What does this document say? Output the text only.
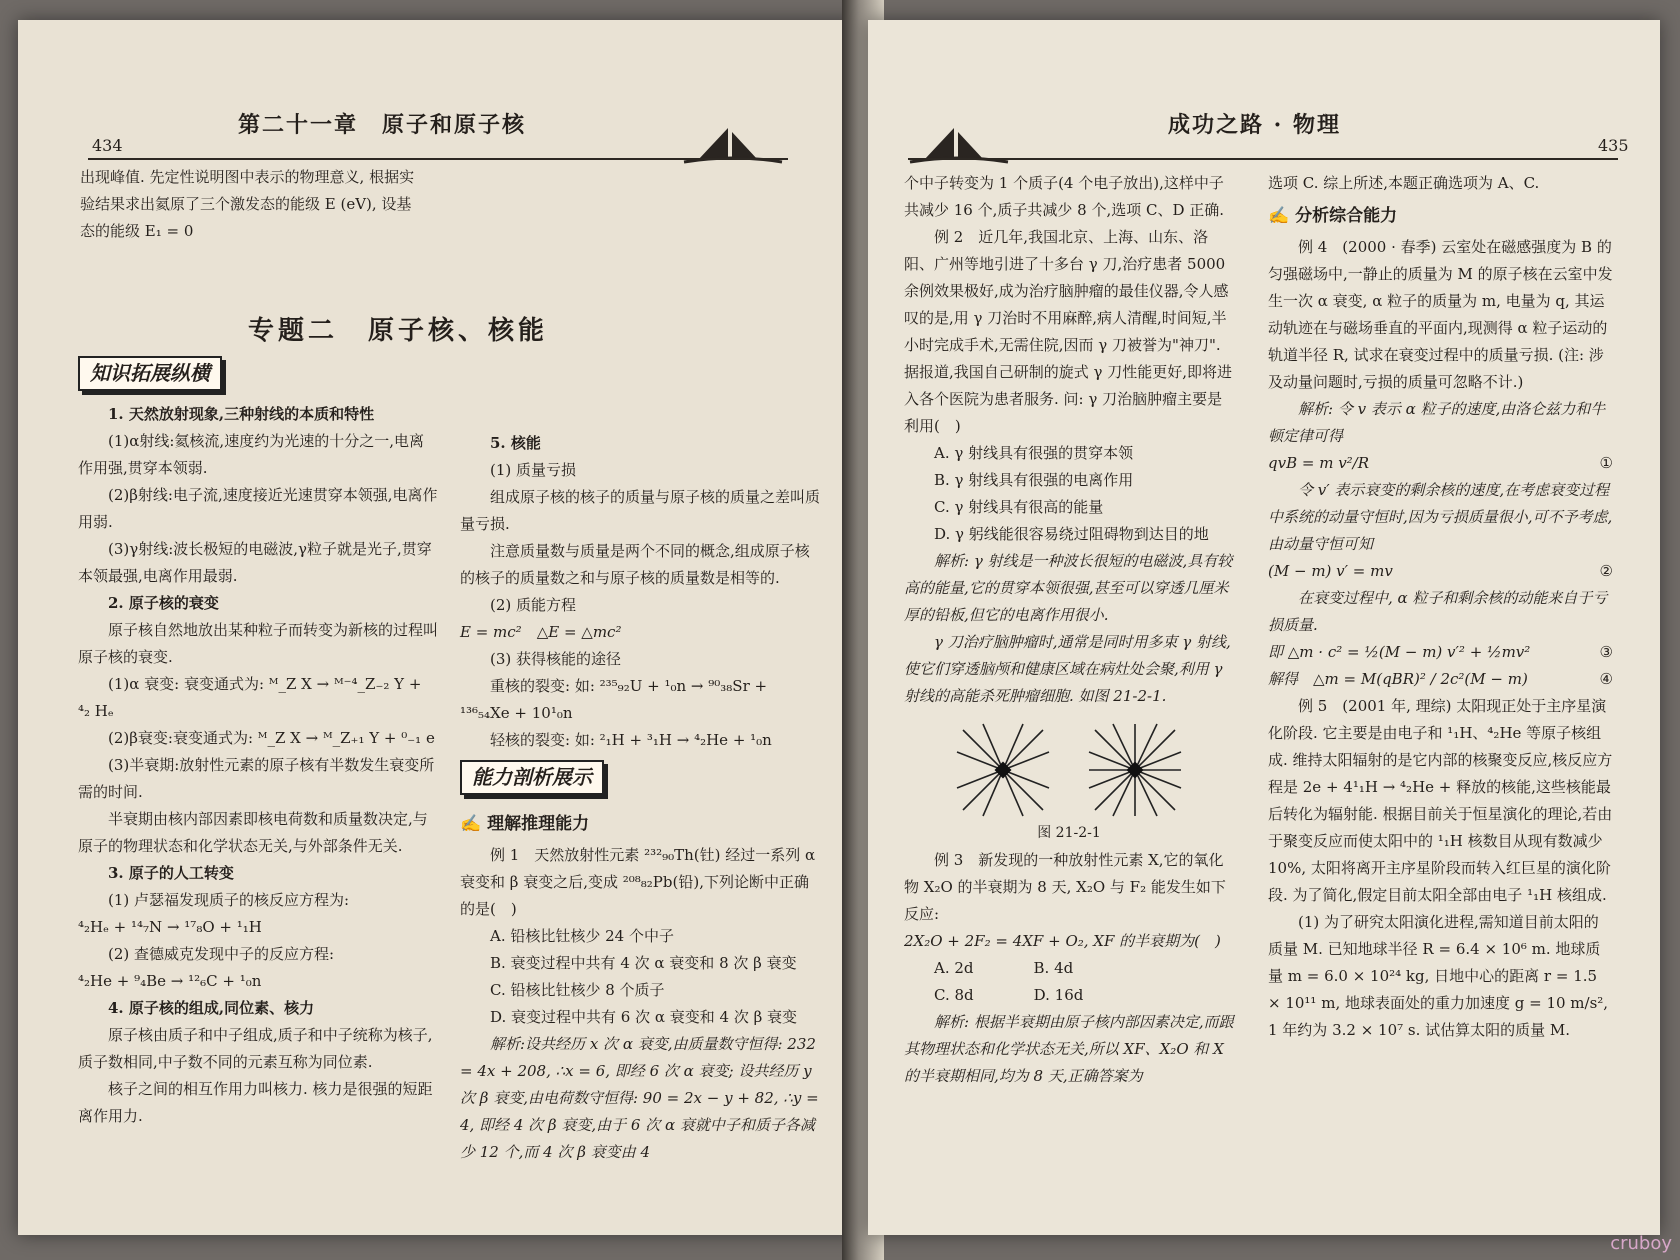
434
第二十一章　原子和原子核

出现峰值. 先定性说明图中表示的物理意义, 根据实验结果求出氦原了三个激发态的能级 E (eV), 设基态的能级 E₁ = 0

专题二　原子核、核能
知识拓展纵横

1. 天然放射现象,三种射线的本质和特性

(1)α射线:氦核流,速度约为光速的十分之一,电离作用强,贯穿本领弱.

(2)β射线:电子流,速度接近光速贯穿本领强,电离作用弱.

(3)γ射线:波长极短的电磁波,γ粒子就是光子,贯穿本领最强,电离作用最弱.

2. 原子核的衰变

原子核自然地放出某种粒子而转变为新核的过程叫原子核的衰变.

(1)α 衰变: 衰变通式为: ᴹ_Z X → ᴹ⁻⁴_Z₋₂ Y + ⁴₂ Hₑ

(2)β衰变:衰变通式为: ᴹ_Z X → ᴹ_Z₊₁ Y + ⁰₋₁ e

(3)半衰期:放射性元素的原子核有半数发生衰变所需的时间.

半衰期由核内部因素即核电荷数和质量数决定,与原子的物理状态和化学状态无关,与外部条件无关.

3. 原子的人工转变

(1) 卢瑟福发现质子的核反应方程为:

⁴₂Hₑ + ¹⁴₇N → ¹⁷₈O + ¹₁H

(2) 查德威克发现中子的反应方程:

⁴₂He + ⁹₄Be → ¹²₆C + ¹₀n

4. 原子核的组成,同位素、核力

原子核由质子和中子组成,质子和中子统称为核子,质子数相同,中子数不同的元素互称为同位素.

核子之间的相互作用力叫核力. 核力是很强的短距离作用力.

5. 核能

(1) 质量亏损

组成原子核的核子的质量与原子核的质量之差叫质量亏损.

注意质量数与质量是两个不同的概念,组成原子核的核子的质量数之和与原子核的质量数是相等的.

(2) 质能方程

E = mc²　△E = △mc²

(3) 获得核能的途径

重核的裂变: 如: ²³⁵₉₂U + ¹₀n → ⁹⁰₃₈Sr + ¹³⁶₅₄Xe + 10¹₀n

轻核的裂变: 如: ²₁H + ³₁H → ⁴₂He + ¹₀n

能力剖析展示
✍ 理解推理能力

例 1　天然放射性元素 ²³²₉₀Th(钍) 经过一系列 α 衰变和 β 衰变之后,变成 ²⁰⁸₈₂Pb(铅),下列论断中正确的是(　)

A. 铅核比钍核少 24 个中子

B. 衰变过程中共有 4 次 α 衰变和 8 次 β 衰变

C. 铅核比钍核少 8 个质子

D. 衰变过程中共有 6 次 α 衰变和 4 次 β 衰变

解析:设共经历 x 次 α 衰变,由质量数守恒得: 232 = 4x + 208, ∴x = 6, 即经 6 次 α 衰变; 设共经历 y 次 β 衰变,由电荷数守恒得: 90 = 2x − y + 82, ∴y = 4, 即经 4 次 β 衰变,由于 6 次 α 衰就中子和质子各减少 12 个,而 4 次 β 衰变由 4

成功之路 · 物理
435

个中子转变为 1 个质子(4 个电子放出),这样中子共减少 16 个,质子共减少 8 个,选项 C、D 正确.

例 2　近几年,我国北京、上海、山东、洛阳、广州等地引进了十多台 γ 刀,治疗患者 5000 余例效果极好,成为治疗脑肿瘤的最佳仪器,令人感叹的是,用 γ 刀治时不用麻醉,病人清醒,时间短,半小时完成手术,无需住院,因而 γ 刀被誉为"神刀". 据报道,我国自己研制的旋式 γ 刀性能更好,即将进入各个医院为患者服务. 问: γ 刀治脑肿瘤主要是利用(　)

A. γ 射线具有很强的贯穿本领

B. γ 射线具有很强的电离作用

C. γ 射线具有很高的能量

D. γ 躬线能很容易绕过阻碍物到达目的地

解析: γ 射线是一种波长很短的电磁波,具有较高的能量,它的贯穿本领很强,甚至可以穿透几厘米厚的铅板,但它的电离作用很小.

γ 刀治疗脑肿瘤时,通常是同时用多束 γ 射线,使它们穿透脑颅和健康区域在病灶处会聚,利用 γ 射线的高能杀死肿瘤细胞. 如图 21-2-1.

图 21-2-1

例 3　新发现的一种放射性元素 X,它的氧化物 X₂O 的半衰期为 8 天, X₂O 与 F₂ 能发生如下反应:

2X₂O + 2F₂ = 4XF + O₂, XF 的半衰期为(　)

A. 2d　　　　B. 4d

C. 8d　　　　D. 16d

解析: 根据半衰期由原子核内部因素决定,而跟其物理状态和化学状态无关,所以 XF、X₂O 和 X 的半衰期相同,均为 8 天,正确答案为

选项 C. 综上所述,本题正确选项为 A、C.

✍ 分析综合能力

例 4　(2000 · 春季) 云室处在磁感强度为 B 的匀强磁场中,一静止的质量为 M 的原子核在云室中发生一次 α 衰变, α 粒子的质量为 m, 电量为 q, 其运动轨迹在与磁场垂直的平面内,现测得 α 粒子运动的轨道半径 R, 试求在衰变过程中的质量亏损. (注: 涉及动量问题时,亏损的质量可忽略不计.)

解析: 令 v 表示 α 粒子的速度,由洛仑兹力和牛顿定律可得

qvB = m v²/R	①

令 v′ 表示衰变的剩余核的速度,在考虑衰变过程中系统的动量守恒时,因为亏损质量很小,可不予考虑,由动量守恒可知

(M − m) v′ = mv	②

在衰变过程中, α 粒子和剩余核的动能来自于亏损质量.

即 △m · c² = ½(M − m) v′² + ½mv²	③

解得　△m = M(qBR)² / 2c²(M − m)	④

例 5　(2001 年, 理综) 太阳现正处于主序星演化阶段. 它主要是由电子和 ¹₁H、⁴₂He 等原子核组成. 维持太阳辐射的是它内部的核聚变反应,核反应方程是 2e + 4¹₁H → ⁴₂He + 释放的核能,这些核能最后转化为辐射能. 根据目前关于恒星演化的理论,若由于聚变反应而使太阳中的 ¹₁H 核数目从现有数减少 10%, 太阳将离开主序星阶段而转入红巨星的演化阶段. 为了简化,假定目前太阳全部由电子 ¹₁H 核组成.

(1) 为了研究太阳演化进程,需知道目前太阳的质量 M. 已知地球半径 R = 6.4 × 10⁶ m. 地球质量 m = 6.0 × 10²⁴ kg, 日地中心的距离 r = 1.5 × 10¹¹ m, 地球表面处的重力加速度 g = 10 m/s², 1 年约为 3.2 × 10⁷ s. 试估算太阳的质量 M.

cruboy
